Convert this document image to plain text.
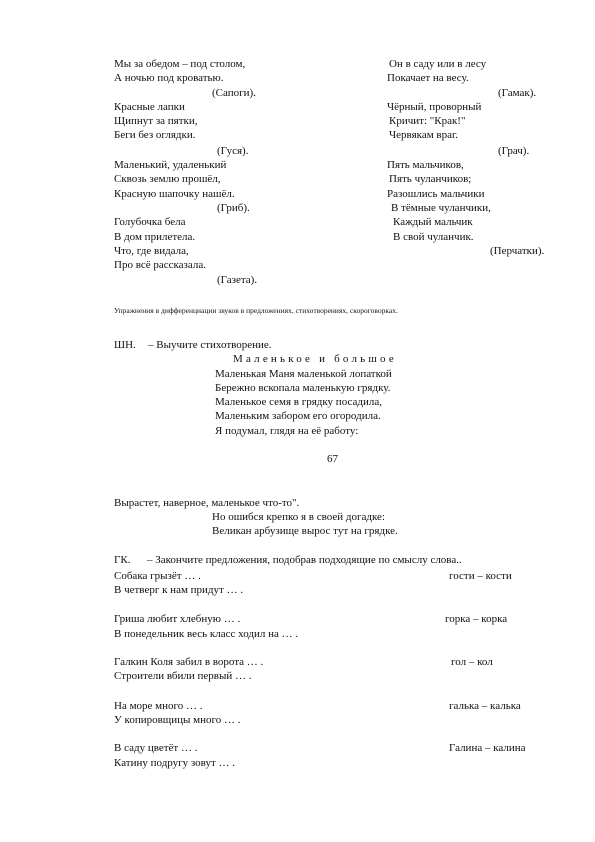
Мы за обедом – под столом,
А ночью под кроватью.
(Сапоги).
Красные лапки
Щипнут за пятки,
Беги без оглядки.
(Гуся).
Маленький, удаленький
Сквозь землю прошёл,
Красную шапочку нашёл.
(Гриб).
Голубочка бела
В дом прилетела.
Что, где видала,
Про всё рассказала.
(Газета).
Он в саду или в лесу
Покачает на весу.
(Гамак).
Чёрный, проворный
Кричит: "Крак!"
Червякам враг.
(Грач).
Пять мальчиков,
Пять чуланчиков;
Разошлись мальчики
В тёмные чуланчики,
Каждый мальчик
В свой чуланчик.
(Перчатки).
Упражнения в дифференциации звуков в предложениях, стихотворениях, скороговорках.
ШН. – Выучите стихотворение.
Маленькое и большое
Маленькая Маня маленькой лопаткой
Бережно вскопала маленькую грядку.
Маленькое семя в грядку посадила,
Маленьким забором его огородила.
Я подумал, глядя на её работу:
67
Вырастет, наверное, маленькое что-то".
Но ошибся крепко я в своей догадке:
Великан арбузище вырос тут на грядке.
ГК. – Закончите предложения, подобрав подходящие по смыслу слова..
Собака грызёт … .	гости – кости
В четверг к нам придут … .
Гриша любит хлебную … .	горка – корка
В понедельник весь класс ходил на … .
Галкин Коля забил в ворота … .	гол – кол
Строители вбили первый … .
На море много … .	галька – калька
У копировщицы много … .
В саду цветёт … .	Галина – калина
Катину подругу зовут … .
